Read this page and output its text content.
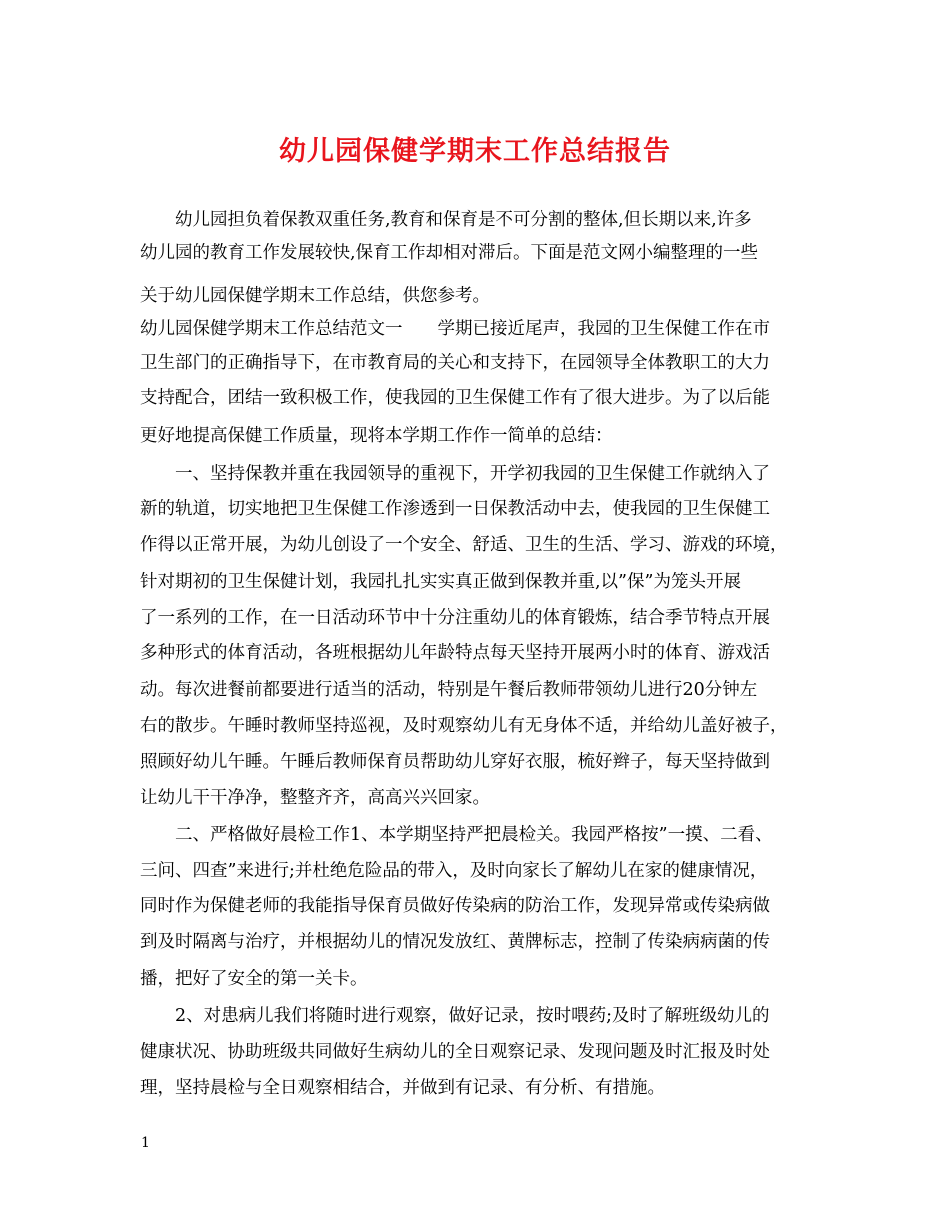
幼儿园保健学期末工作总结报告
　　幼儿园担负着保教双重任务,教育和保育是不可分割的整体,但长期以来,许多
幼儿园的教育工作发展较快,保育工作却相对滞后。下面是范文网小编整理的一些
关于幼儿园保健学期末工作总结，供您参考。
幼儿园保健学期末工作总结范文一　　学期已接近尾声，我园的卫生保健工作在市
卫生部门的正确指导下，在市教育局的关心和支持下，在园领导全体教职工的大力
支持配合，团结一致积极工作，使我园的卫生保健工作有了很大进步。为了以后能
更好地提高保健工作质量，现将本学期工作作一简单的总结：
　　一、坚持保教并重在我园领导的重视下，开学初我园的卫生保健工作就纳入了
新的轨道，切实地把卫生保健工作渗透到一日保教活动中去，使我园的卫生保健工
作得以正常开展，为幼儿创设了一个安全、舒适、卫生的生活、学习、游戏的环境，
针对期初的卫生保健计划，我园扎扎实实真正做到保教并重,以”保”为笼头开展
了一系列的工作，在一日活动环节中十分注重幼儿的体育锻炼，结合季节特点开展
多种形式的体育活动，各班根据幼儿年龄特点每天坚持开展两小时的体育、游戏活
动。每次进餐前都要进行适当的活动，特别是午餐后教师带领幼儿进行20分钟左
右的散步。午睡时教师坚持巡视，及时观察幼儿有无身体不适，并给幼儿盖好被子，
照顾好幼儿午睡。午睡后教师保育员帮助幼儿穿好衣服，梳好辫子，每天坚持做到
让幼儿干干净净，整整齐齐，高高兴兴回家。
　　二、严格做好晨检工作1、本学期坚持严把晨检关。我园严格按”一摸、二看、
三问、四查”来进行;并杜绝危险品的带入，及时向家长了解幼儿在家的健康情况，
同时作为保健老师的我能指导保育员做好传染病的防治工作，发现异常或传染病做
到及时隔离与治疗，并根据幼儿的情况发放红、黄牌标志，控制了传染病病菌的传
播，把好了安全的第一关卡。
　　2、对患病儿我们将随时进行观察，做好记录，按时喂药;及时了解班级幼儿的
健康状况、协助班级共同做好生病幼儿的全日观察记录、发现问题及时汇报及时处
理，坚持晨检与全日观察相结合，并做到有记录、有分析、有措施。
1
